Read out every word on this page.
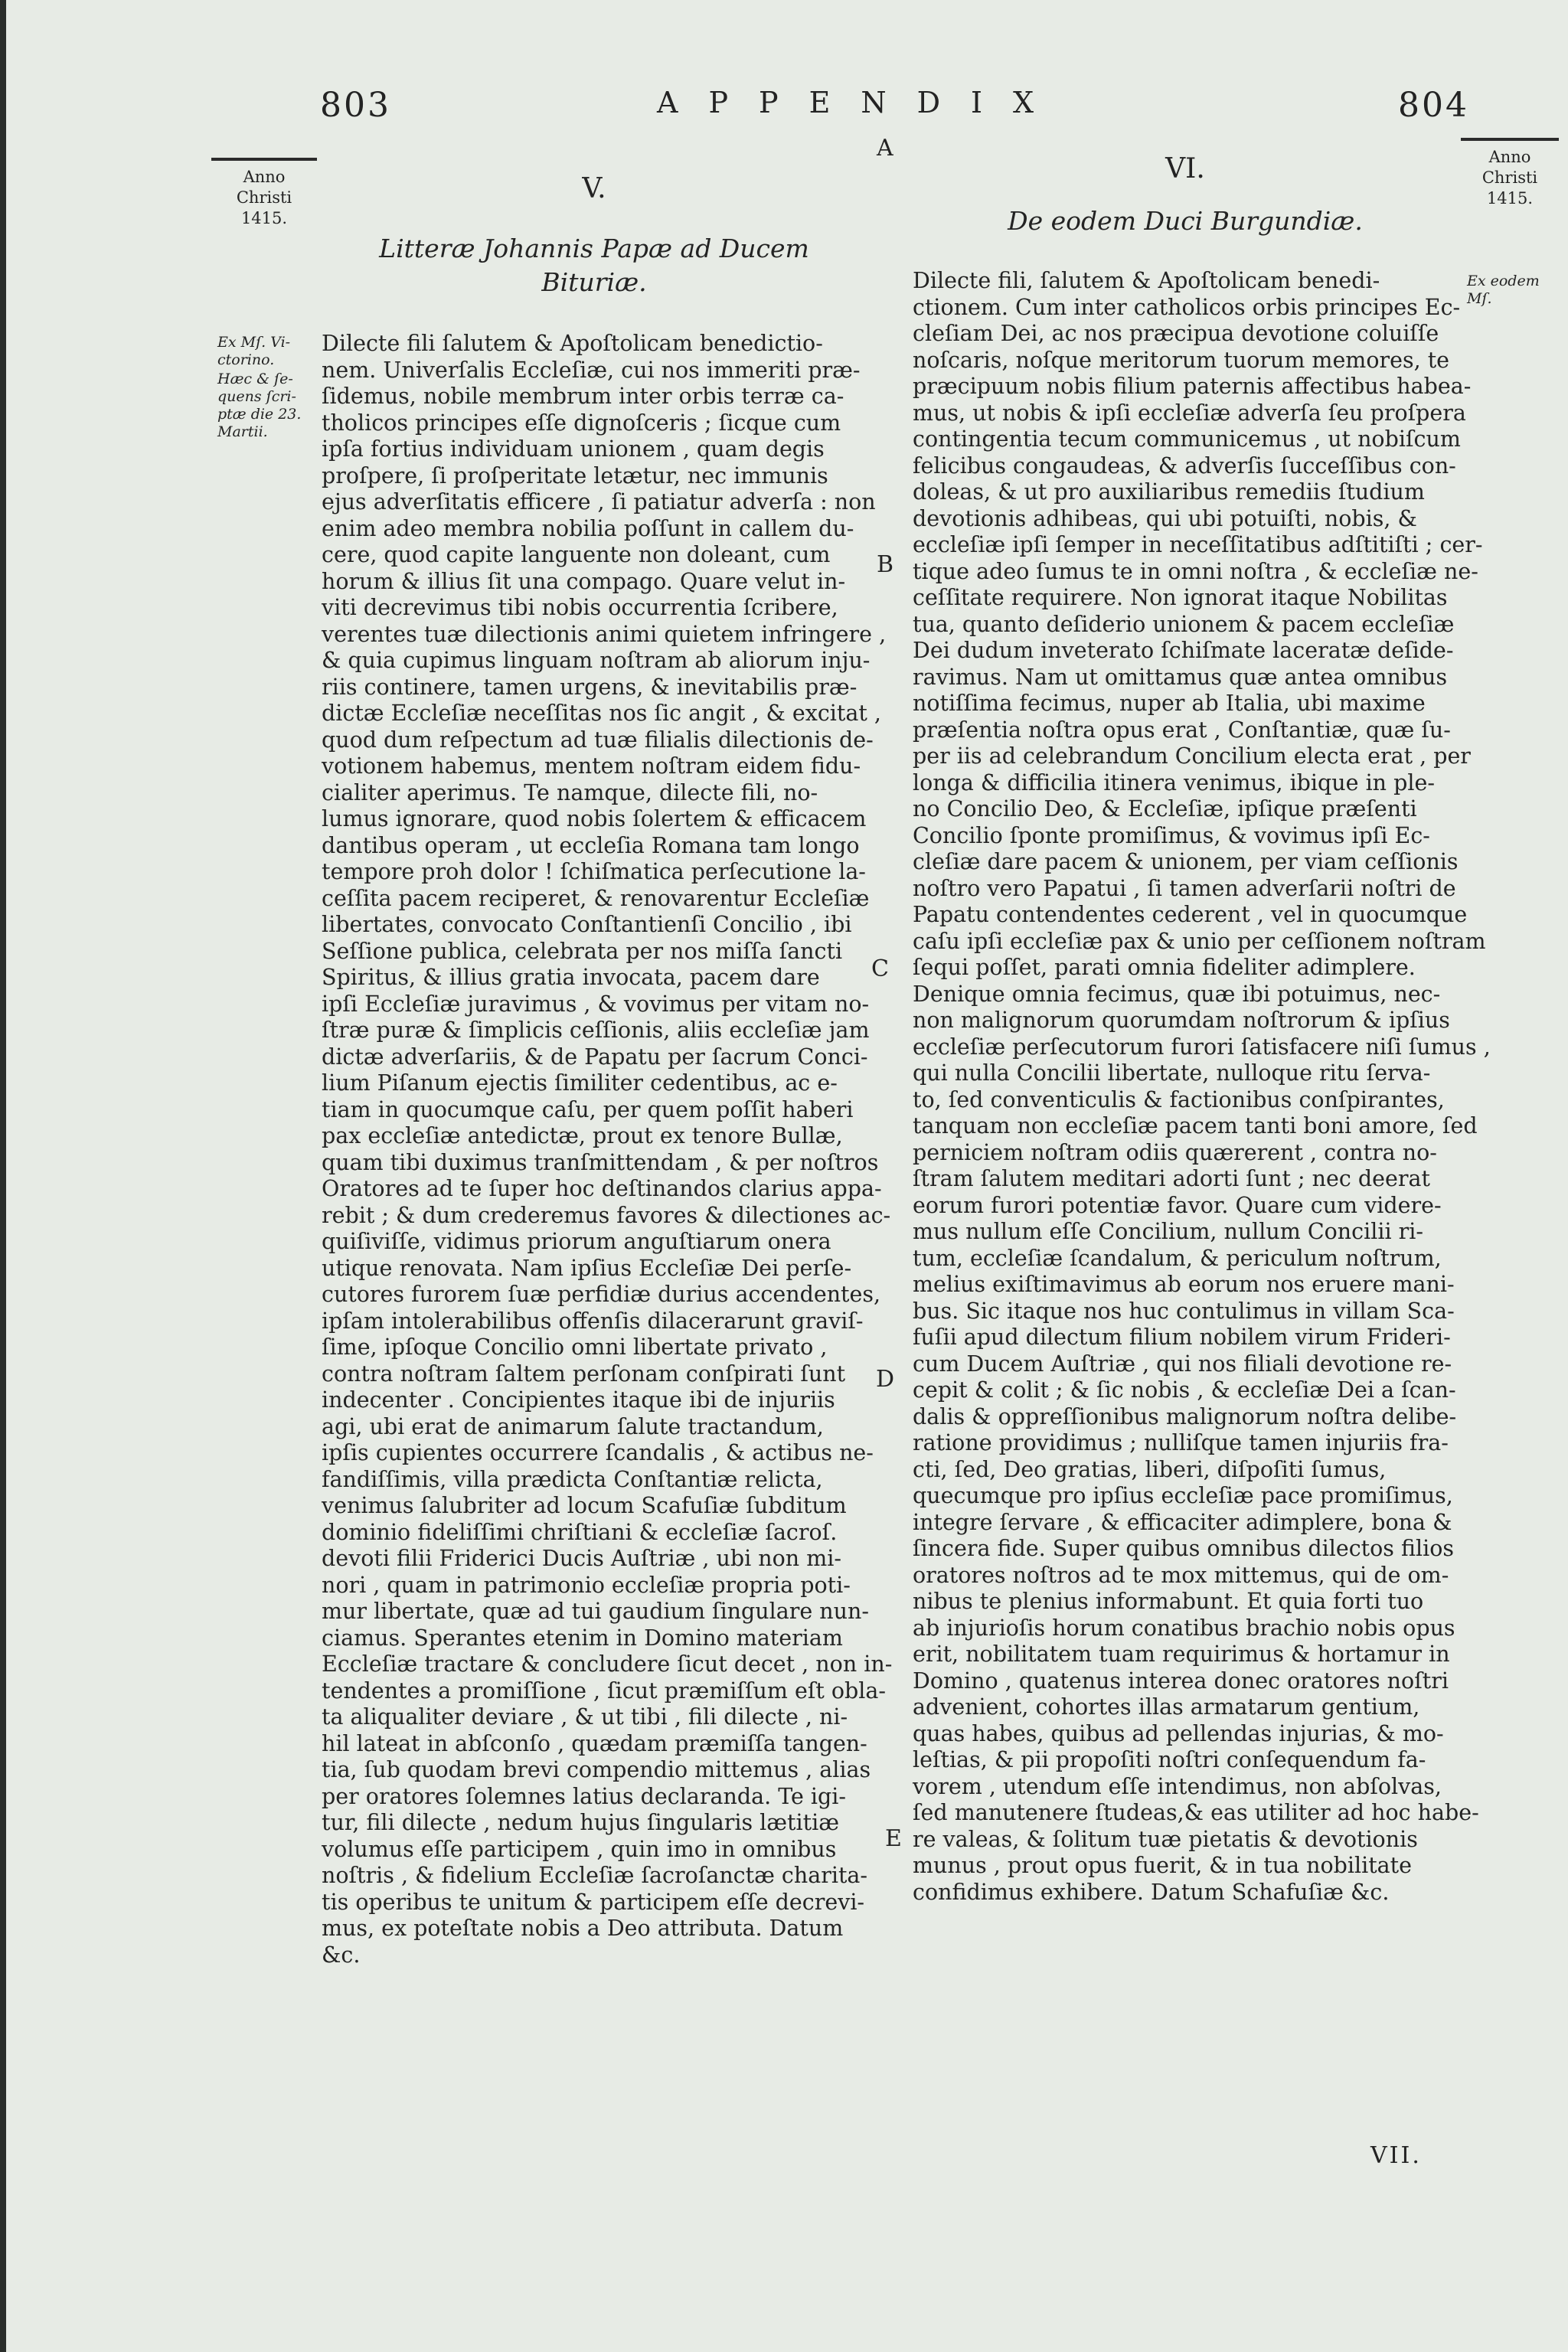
803	APPENDIX	804
Anno
Christi
1415.
Anno
Christi
1415.
A
B
C
D
E
Ex Mſ. Vi-
ctorino.
Hæc & ſe-
quens ſcri-
ptæ die 23.
Martii.
Ex eodem
Mſ.
V.
Litteræ Johannis Papæ ad Ducem
Bituriæ.
VI.
De eodem Duci Burgundiæ.
Dilecte fili ſalutem & Apoſtolicam benedictio-
nem. Univerſalis Eccleſiæ, cui nos immeriti præ-
ſidemus, nobile membrum inter orbis terræ ca-
tholicos principes eſſe dignoſceris ; ſicque cum
ipſa fortius individuam unionem , quam degis
proſpere, ſi proſperitate letætur, nec immunis
ejus adverſitatis efficere , ſi patiatur adverſa : non
enim adeo membra nobilia poſſunt in callem du-
cere, quod capite languente non doleant, cum
horum & illius ſit una compago. Quare velut in-
viti decrevimus tibi nobis occurrentia ſcribere,
verentes tuæ dilectionis animi quietem infringere ,
& quia cupimus linguam noſtram ab aliorum inju-
riis continere, tamen urgens, & inevitabilis præ-
dictæ Eccleſiæ neceſſitas nos ſic angit , & excitat ,
quod dum reſpectum ad tuæ filialis dilectionis de-
votionem habemus, mentem noſtram eidem fidu-
cialiter aperimus. Te namque, dilecte fili, no-
lumus ignorare, quod nobis ſolertem & efficacem
dantibus operam , ut eccleſia Romana tam longo
tempore proh dolor ! ſchiſmatica perſecutione la-
ceſſita pacem reciperet, & renovarentur Eccleſiæ
libertates, convocato Conſtantienſi Concilio , ibi
Seſſione publica, celebrata per nos miſſa ſancti
Spiritus, & illius gratia invocata, pacem dare
ipſi Eccleſiæ juravimus , & vovimus per vitam no-
ſtræ puræ & ſimplicis ceſſionis, aliis eccleſiæ jam
dictæ adverſariis, & de Papatu per ſacrum Conci-
lium Piſanum ejectis ſimiliter cedentibus, ac e-
tiam in quocumque caſu, per quem poſſit haberi
pax eccleſiæ antedictæ, prout ex tenore Bullæ,
quam tibi duximus tranſmittendam , & per noſtros
Oratores ad te ſuper hoc deſtinandos clarius appa-
rebit ; & dum crederemus favores & dilectiones ac-
quiſiviſſe, vidimus priorum anguſtiarum onera
utique renovata. Nam ipſius Eccleſiæ Dei perſe-
cutores furorem ſuæ perfidiæ durius accendentes,
ipſam intolerabilibus offenſis dilacerarunt graviſ-
ſime, ipſoque Concilio omni libertate privato ,
contra noſtram ſaltem perſonam conſpirati ſunt
indecenter . Concipientes itaque ibi de injuriis
agi, ubi erat de animarum ſalute tractandum,
ipſis cupientes occurrere ſcandalis , & actibus ne-
fandiſſimis, villa prædicta Conſtantiæ relicta,
venimus ſalubriter ad locum Scafuſiæ ſubditum
dominio fideliſſimi chriſtiani & eccleſiæ ſacroſ.
devoti filii Friderici Ducis Auſtriæ , ubi non mi-
nori , quam in patrimonio eccleſiæ propria poti-
mur libertate, quæ ad tui gaudium ſingulare nun-
ciamus. Sperantes etenim in Domino materiam
Eccleſiæ tractare & concludere ſicut decet , non in-
tendentes a promiſſione , ſicut præmiſſum eſt obla-
ta aliqualiter deviare , & ut tibi , fili dilecte , ni-
hil lateat in abſconſo , quædam præmiſſa tangen-
tia, ſub quodam brevi compendio mittemus , alias
per oratores ſolemnes latius declaranda. Te igi-
tur, fili dilecte , nedum hujus ſingularis lætitiæ
volumus eſſe participem , quin imo in omnibus
noſtris , & fidelium Eccleſiæ ſacroſanctæ charita-
tis operibus te unitum & participem eſſe decrevi-
mus, ex poteſtate nobis a Deo attributa. Datum
&c.
Dilecte fili, ſalutem & Apoſtolicam benedi-
ctionem. Cum inter catholicos orbis principes Ec-
cleſiam Dei, ac nos præcipua devotione coluiſſe
noſcaris, noſque meritorum tuorum memores, te
præcipuum nobis filium paternis affectibus habea-
mus, ut nobis & ipſi eccleſiæ adverſa ſeu proſpera
contingentia tecum communicemus , ut nobiſcum
felicibus congaudeas, & adverſis ſucceſſibus con-
doleas, & ut pro auxiliaribus remediis ſtudium
devotionis adhibeas, qui ubi potuiſti, nobis, &
eccleſiæ ipſi ſemper in neceſſitatibus adſtitiſti ; cer-
tique adeo ſumus te in omni noſtra , & eccleſiæ ne-
ceſſitate requirere. Non ignorat itaque Nobilitas
tua, quanto deſiderio unionem & pacem eccleſiæ
Dei dudum inveterato ſchiſmate laceratæ deſide-
ravimus. Nam ut omittamus quæ antea omnibus
notiſſima fecimus, nuper ab Italia, ubi maxime
præſentia noſtra opus erat , Conſtantiæ, quæ ſu-
per iis ad celebrandum Concilium electa erat , per
longa & difficilia itinera venimus, ibique in ple-
no Concilio Deo, & Eccleſiæ, ipſique præſenti
Concilio ſponte promiſimus, & vovimus ipſi Ec-
cleſiæ dare pacem & unionem, per viam ceſſionis
noſtro vero Papatui , ſi tamen adverſarii noſtri de
Papatu contendentes cederent , vel in quocumque
caſu ipſi eccleſiæ pax & unio per ceſſionem noſtram
ſequi poſſet, parati omnia fideliter adimplere.
Denique omnia fecimus, quæ ibi potuimus, nec-
non malignorum quorumdam noſtrorum & ipſius
eccleſiæ perſecutorum furori ſatisfacere niſi ſumus ,
qui nulla Concilii libertate, nulloque ritu ſerva-
to, ſed conventiculis & factionibus conſpirantes,
tanquam non eccleſiæ pacem tanti boni amore, ſed
perniciem noſtram odiis quærerent , contra no-
ſtram ſalutem meditari adorti ſunt ; nec deerat
eorum furori potentiæ favor. Quare cum videre-
mus nullum eſſe Concilium, nullum Concilii ri-
tum, eccleſiæ ſcandalum, & periculum noſtrum,
melius exiſtimavimus ab eorum nos eruere mani-
bus. Sic itaque nos huc contulimus in villam Sca-
fuſii apud dilectum filium nobilem virum Frideri-
cum Ducem Auſtriæ , qui nos filiali devotione re-
cepit & colit ; & ſic nobis , & eccleſiæ Dei a ſcan-
dalis & oppreſſionibus malignorum noſtra delibe-
ratione providimus ; nulliſque tamen injuriis fra-
cti, ſed, Deo gratias, liberi, diſpoſiti ſumus,
quecumque pro ipſius eccleſiæ pace promiſimus,
integre ſervare , & efficaciter adimplere, bona &
ſincera fide. Super quibus omnibus dilectos filios
oratores noſtros ad te mox mittemus, qui de om-
nibus te plenius informabunt. Et quia forti tuo
ab injurioſis horum conatibus brachio nobis opus
erit, nobilitatem tuam requirimus & hortamur in
Domino , quatenus interea donec oratores noſtri
advenient, cohortes illas armatarum gentium,
quas habes, quibus ad pellendas injurias, & mo-
leſtias, & pii propoſiti noſtri conſequendum fa-
vorem , utendum eſſe intendimus, non abſolvas,
ſed manutenere ſtudeas,& eas utiliter ad hoc habe-
re valeas, & ſolitum tuæ pietatis & devotionis
munus , prout opus fuerit, & in tua nobilitate
confidimus exhibere. Datum Schafuſiæ &c.
VII.
